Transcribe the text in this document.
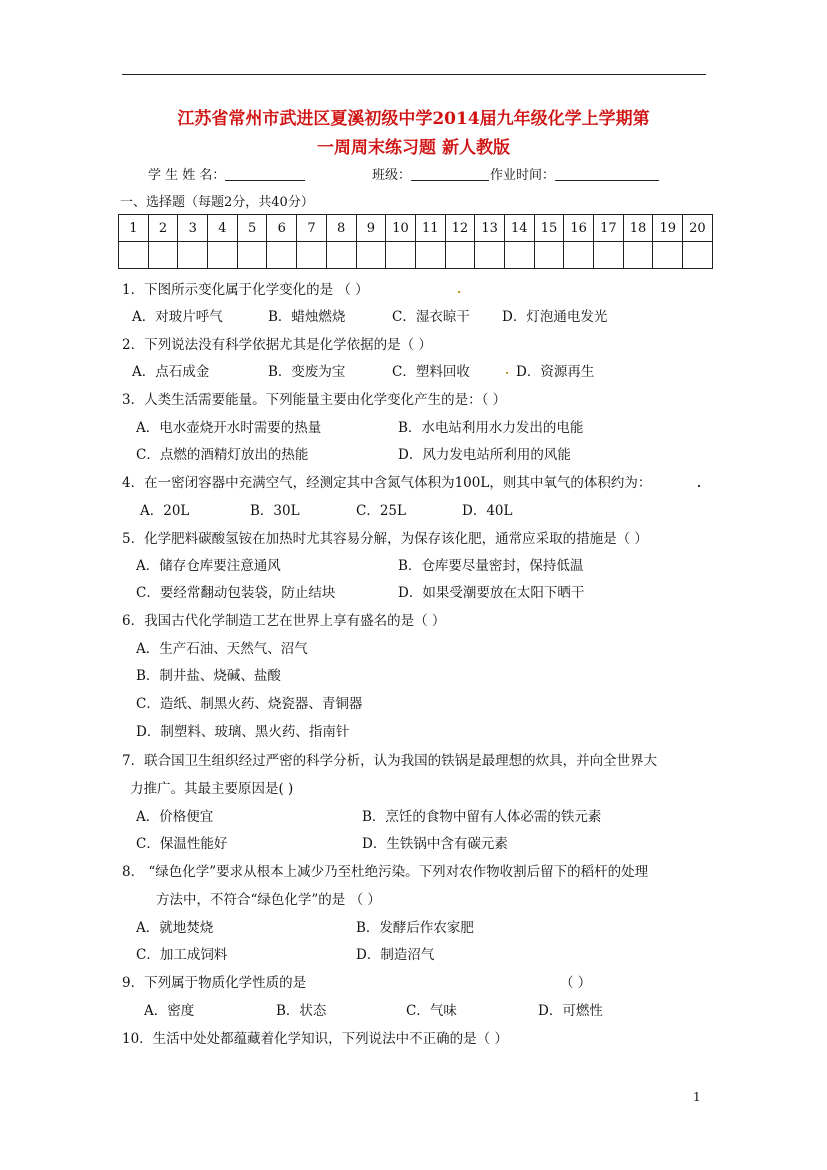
江苏省常州市武进区夏溪初级中学2014届九年级化学上学期第
一周周末练习题 新人教版
学 生 姓 名：	班级：	作业时间：
一、选择题（每题2分，共40分）
1	2	3	4	5	6	7	8	9	10	11	12	13	14	15	16	17	18	19	20

1．下图所示变化属于化学变化的是 （ ）
A．对玻片呼气	B．蜡烛燃烧	C．湿衣晾干 D．灯泡通电发光
2．下列说法没有科学依据尤其是化学依据的是（ ）
A．点石成金	B．变废为宝	C．塑料回收	D．资源再生
3．人类生活需要能量。下列能量主要由化学变化产生的是：（ ）
A．电水壶烧开水时需要的热量	B．水电站利用水力发出的电能
C．点燃的酒精灯放出的热能	D．风力发电站所利用的风能
4．在一密闭容器中充满空气，经测定其中含氮气体积为100L，则其中氧气的体积约为：
A．20L	B．30L	C．25L	D．40L
5．化学肥料碳酸氢铵在加热时尤其容易分解，为保存该化肥，通常应采取的措施是（ ）
A．储存仓库要注意通风	B．仓库要尽量密封，保持低温
C．要经常翻动包装袋，防止结块	D．如果受潮要放在太阳下晒干
6．我国古代化学制造工艺在世界上享有盛名的是（ ）
A．生产石油、天然气、沼气
B．制井盐、烧碱、盐酸
C．造纸、制黑火药、烧瓷器、青铜器
D．制塑料、玻璃、黑火药、指南针
7．联合国卫生组织经过严密的科学分析，认为我国的铁锅是最理想的炊具，并向全世界大
力推广。其最主要原因是( )
A．价格便宜	B．烹饪的食物中留有人体必需的铁元素
C．保温性能好	D．生铁锅中含有碳元素
8． “绿色化学”要求从根本上减少乃至杜绝污染。下列对农作物收割后留下的稻杆的处理
方法中，不符合“绿色化学”的是 （ ）
A．就地焚烧	B．发酵后作农家肥
C．加工成饲料	D．制造沼气
9．下列属于物质化学性质的是	（ ）
A．密度	B．状态	C．气味	D．可燃性
10．生活中处处都蕴藏着化学知识，下列说法中不正确的是（ ）
1
